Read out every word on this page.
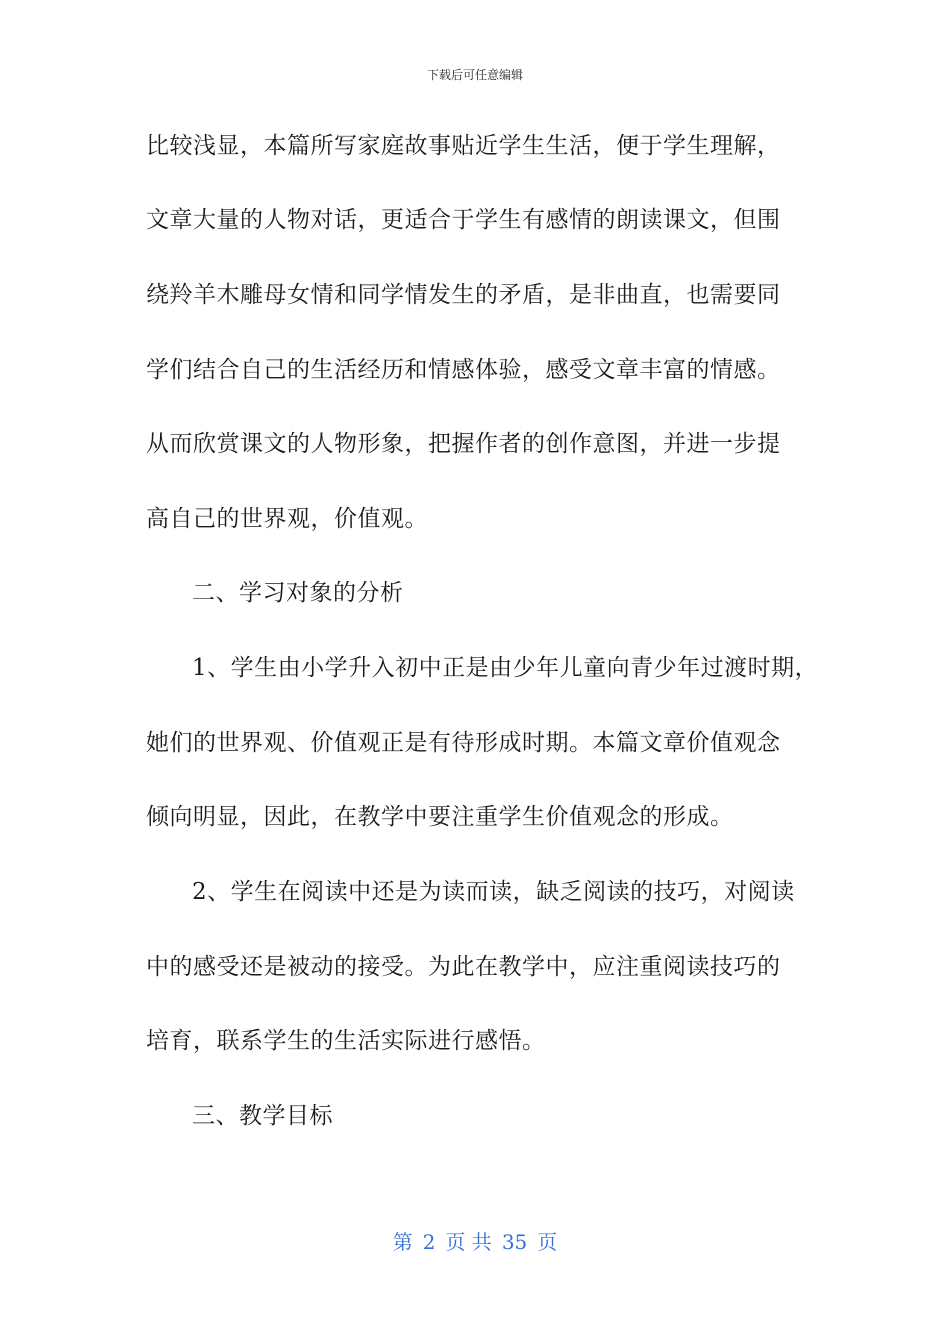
下载后可任意编辑
比较浅显，本篇所写家庭故事贴近学生生活，便于学生理解，
文章大量的人物对话，更适合于学生有感情的朗读课文，但围
绕羚羊木雕母女情和同学情发生的矛盾，是非曲直，也需要同
学们结合自己的生活经历和情感体验，感受文章丰富的情感。
从而欣赏课文的人物形象，把握作者的创作意图，并进一步提
高自己的世界观，价值观。
二、学习对象的分析
1、学生由小学升入初中正是由少年儿童向青少年过渡时期，
她们的世界观、价值观正是有待形成时期。本篇文章价值观念
倾向明显，因此，在教学中要注重学生价值观念的形成。
2、学生在阅读中还是为读而读，缺乏阅读的技巧，对阅读
中的感受还是被动的接受。为此在教学中，应注重阅读技巧的
培育，联系学生的生活实际进行感悟。
三、教学目标
第 2 页 共 35 页
